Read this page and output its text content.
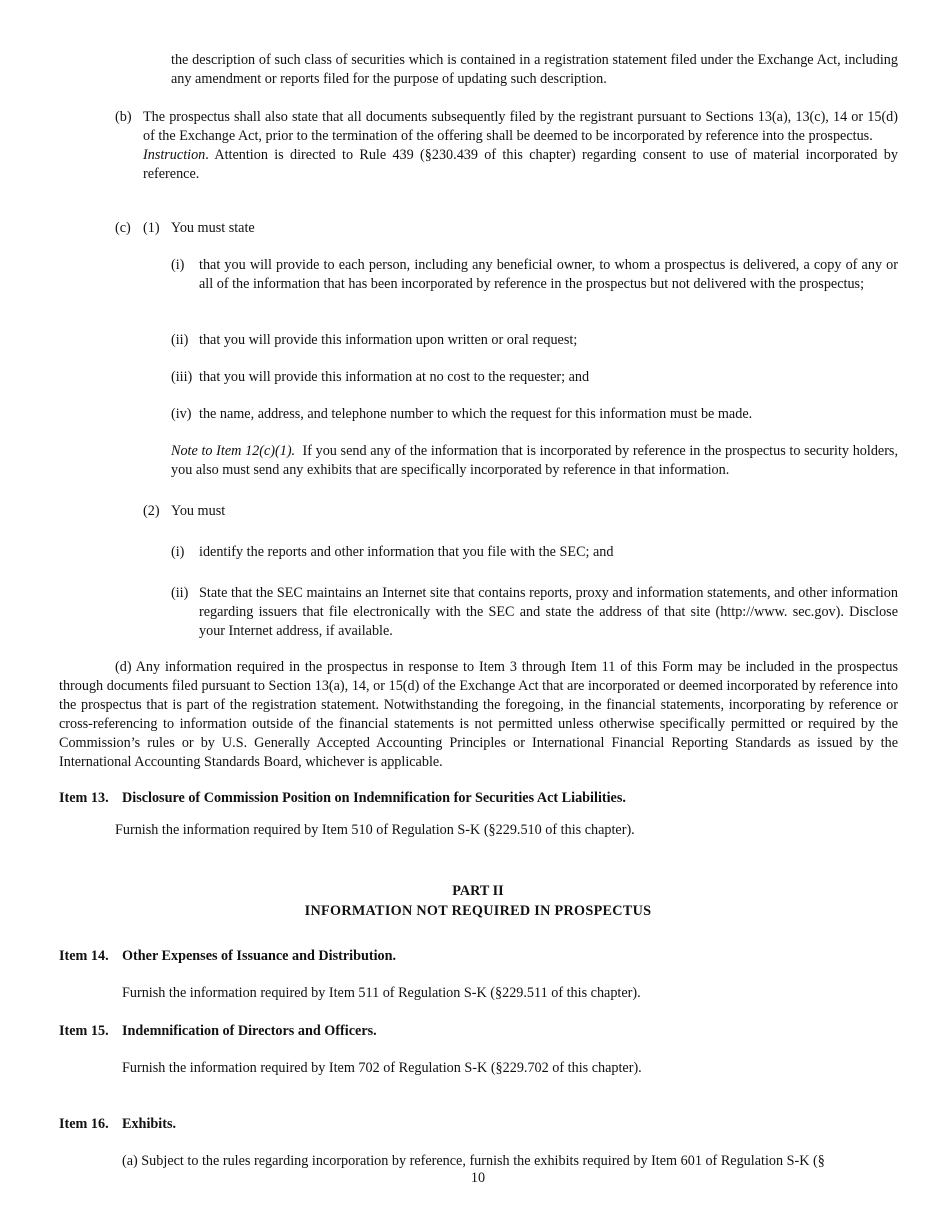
the description of such class of securities which is contained in a registration statement filed under the Exchange Act, including any amendment or reports filed for the purpose of updating such description.

(b) The prospectus shall also state that all documents subsequently filed by the registrant pursuant to Sections 13(a), 13(c), 14 or 15(d) of the Exchange Act, prior to the termination of the offering shall be deemed to be incorporated by reference into the prospectus.
Instruction. Attention is directed to Rule 439 (§230.439 of this chapter) regarding consent to use of material incorporated by reference.
(c) (1) You must state
(i) that you will provide to each person, including any beneficial owner, to whom a prospectus is delivered, a copy of any or all of the information that has been incorporated by reference in the prospectus but not delivered with the prospectus;

(ii) that you will provide this information upon written or oral request;

(iii) that you will provide this information at no cost to the requester; and

(iv) the name, address, and telephone number to which the request for this information must be made.

Note to Item 12(c)(1). If you send any of the information that is incorporated by reference in the prospectus to security holders, you also must send any exhibits that are specifically incorporated by reference in that information.
(2) You must
(i) identify the reports and other information that you file with the SEC; and

(ii) State that the SEC maintains an Internet site that contains reports, proxy and information statements, and other information regarding issuers that file electronically with the SEC and state the address of that site (http://www. sec.gov). Disclose your Internet address, if available.

(d) Any information required in the prospectus in response to Item 3 through Item 11 of this Form may be included in the prospectus through documents filed pursuant to Section 13(a), 14, or 15(d) of the Exchange Act that are incorporated or deemed incorporated by reference into the prospectus that is part of the registration statement. Notwithstanding the foregoing, in the financial statements, incorporating by reference or cross-referencing to information outside of the financial statements is not permitted unless otherwise specifically permitted or required by the Commission’s rules or by U.S. Generally Accepted Accounting Principles or International Financial Reporting Standards as issued by the International Accounting Standards Board, whichever is applicable.

Item 13. Disclosure of Commission Position on Indemnification for Securities Act Liabilities.

Furnish the information required by Item 510 of Regulation S-K (§229.510 of this chapter).

PART II

INFORMATION NOT REQUIRED IN PROSPECTUS

Item 14. Other Expenses of Issuance and Distribution.

Furnish the information required by Item 511 of Regulation S-K (§229.511 of this chapter).

Item 15. Indemnification of Directors and Officers.

Furnish the information required by Item 702 of Regulation S-K (§229.702 of this chapter).

Item 16. Exhibits.

(a) Subject to the rules regarding incorporation by reference, furnish the exhibits required by Item 601 of Regulation S-K (§

10
